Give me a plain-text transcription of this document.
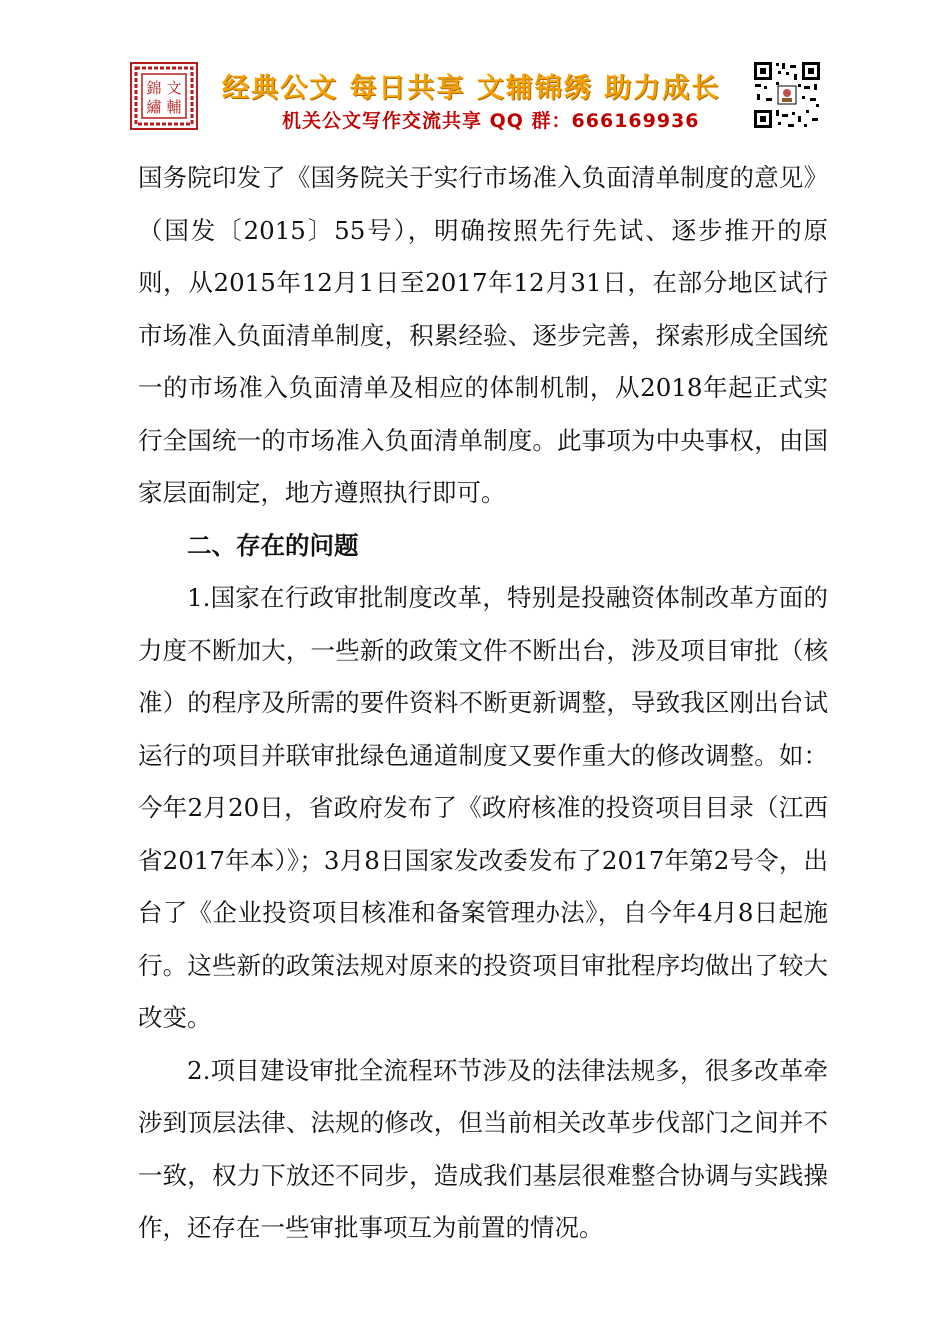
錦 文
繡 輔
经典公文 每日共享 文辅锦绣 助力成长
机关公文写作交流共享 QQ 群：666169936

国务院印发了《国务院关于实行市场准入负面清单制度的意见》（国发〔2015〕55号），明确按照先行先试、逐步推开的原则，从2015年12月1日至2017年12月31日，在部分地区试行市场准入负面清单制度，积累经验、逐步完善，探索形成全国统一的市场准入负面清单及相应的体制机制，从2018年起正式实行全国统一的市场准入负面清单制度。此事项为中央事权，由国家层面制定，地方遵照执行即可。

二、存在的问题

1.国家在行政审批制度改革，特别是投融资体制改革方面的力度不断加大，一些新的政策文件不断出台，涉及项目审批（核准）的程序及所需的要件资料不断更新调整，导致我区刚出台试运行的项目并联审批绿色通道制度又要作重大的修改调整。如：今年2月20日，省政府发布了《政府核准的投资项目目录（江西省2017年本）》；3月8日国家发改委发布了2017年第2号令，出台了《企业投资项目核准和备案管理办法》，自今年4月8日起施行。这些新的政策法规对原来的投资项目审批程序均做出了较大改变。

2.项目建设审批全流程环节涉及的法律法规多，很多改革牵涉到顶层法律、法规的修改，但当前相关改革步伐部门之间并不一致，权力下放还不同步，造成我们基层很难整合协调与实践操作，还存在一些审批事项互为前置的情况。
